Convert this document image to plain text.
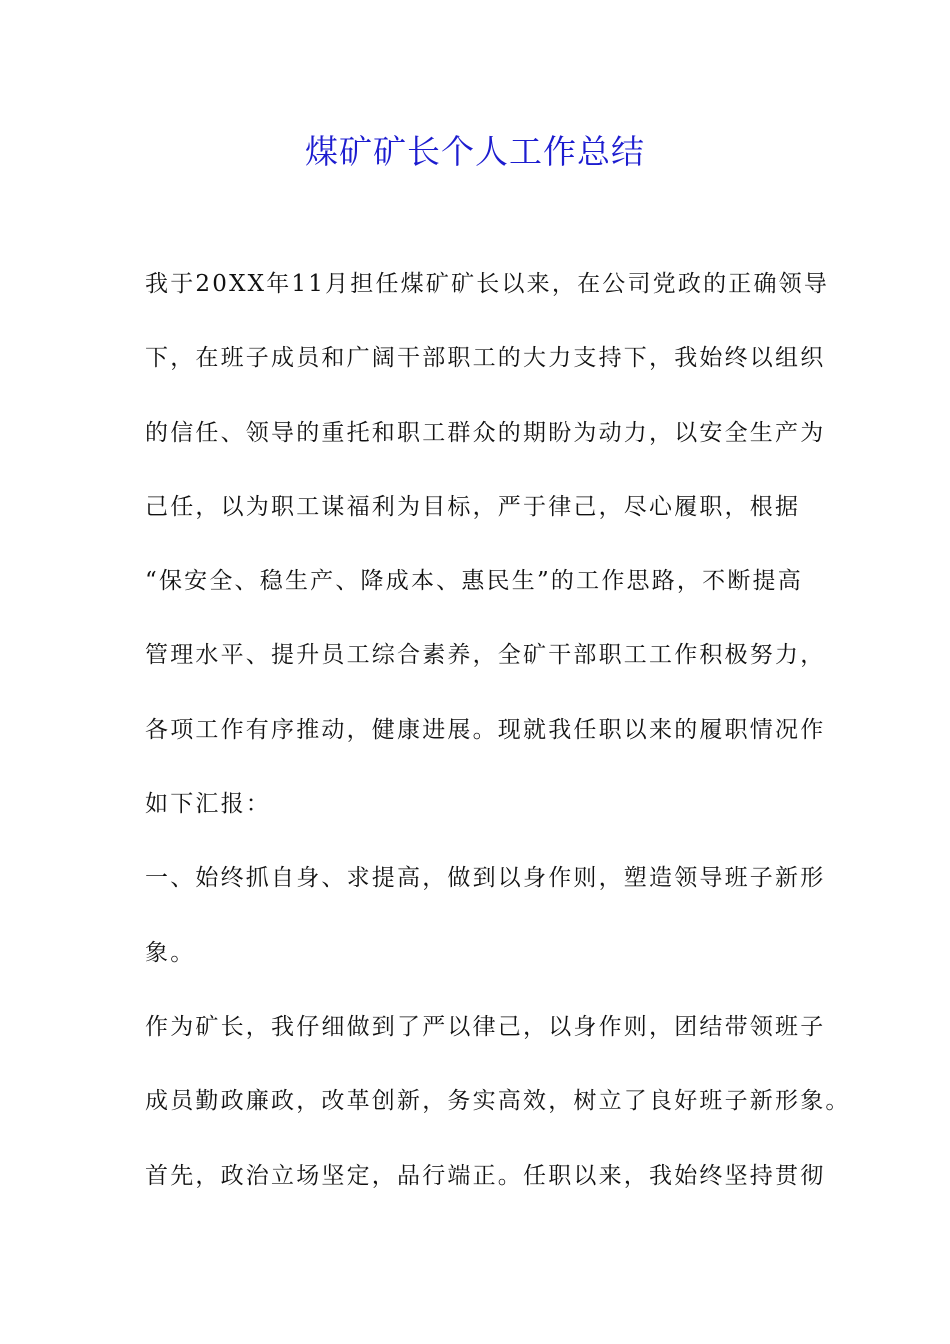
煤矿矿长个人工作总结
我于20XX年11月担任煤矿矿长以来，在公司党政的正确领导
下，在班子成员和广阔干部职工的大力支持下，我始终以组织
的信任、领导的重托和职工群众的期盼为动力，以安全生产为
己任，以为职工谋福利为目标，严于律己，尽心履职，根据
“保安全、稳生产、降成本、惠民生”的工作思路，不断提高
管理水平、提升员工综合素养，全矿干部职工工作积极努力，
各项工作有序推动，健康进展。现就我任职以来的履职情况作
如下汇报：
一、始终抓自身、求提高，做到以身作则，塑造领导班子新形
象。
作为矿长，我仔细做到了严以律己，以身作则，团结带领班子
成员勤政廉政，改革创新，务实高效，树立了良好班子新形象。
首先，政治立场坚定，品行端正。任职以来，我始终坚持贯彻
